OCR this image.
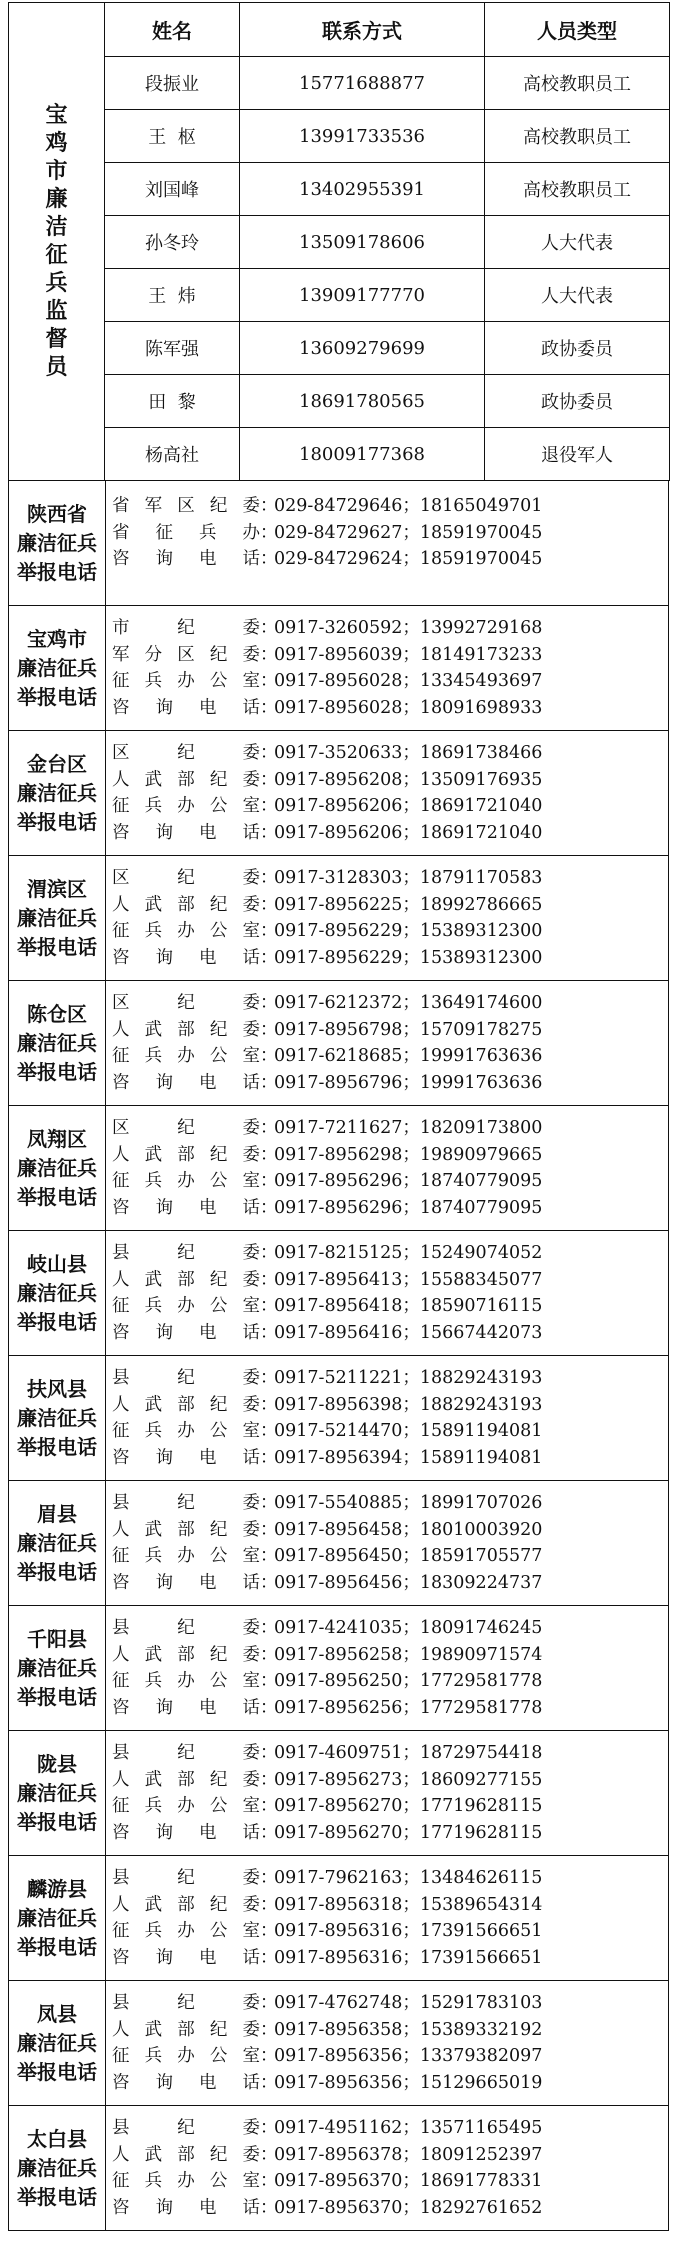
宝鸡市廉洁征兵监督员	姓名	联系方式	人员类型
	段振业	15771688877	高校教职员工
	王  枢	13991733536	高校教职员工
	刘国峰	13402955391	高校教职员工
	孙冬玲	13509178606	人大代表
	王  炜	13909177770	人大代表
	陈军强	13609279699	政协委员
	田  黎	18691780565	政协委员
	杨高社	18009177368	退役军人
陕西省
廉洁征兵
举报电话
省军区纪委 ：
029-84729646；18165049701
省征兵办 ：
029-84729627；18591970045
咨询电话 ：
029-84729624；18591970045
宝鸡市
廉洁征兵
举报电话
市纪委 ：
0917-3260592；13992729168
军分区纪委 ：
0917-8956039；18149173233
征兵办公室 ：
0917-8956028；13345493697
咨询电话 ：
0917-8956028；18091698933
金台区
廉洁征兵
举报电话
区纪委 ：
0917-3520633；18691738466
人武部纪委 ：
0917-8956208；13509176935
征兵办公室 ：
0917-8956206；18691721040
咨询电话 ：
0917-8956206；18691721040
渭滨区
廉洁征兵
举报电话
区纪委 ：
0917-3128303；18791170583
人武部纪委 ：
0917-8956225；18992786665
征兵办公室 ：
0917-8956229；15389312300
咨询电话 ：
0917-8956229；15389312300
陈仓区
廉洁征兵
举报电话
区纪委 ：
0917-6212372；13649174600
人武部纪委 ：
0917-8956798；15709178275
征兵办公室 ：
0917-6218685；19991763636
咨询电话 ：
0917-8956796；19991763636
凤翔区
廉洁征兵
举报电话
区纪委 ：
0917-7211627；18209173800
人武部纪委 ：
0917-8956298；19890979665
征兵办公室 ：
0917-8956296；18740779095
咨询电话 ：
0917-8956296；18740779095
岐山县
廉洁征兵
举报电话
县纪委 ：
0917-8215125；15249074052
人武部纪委 ：
0917-8956413；15588345077
征兵办公室 ：
0917-8956418；18590716115
咨询电话 ：
0917-8956416；15667442073
扶风县
廉洁征兵
举报电话
县纪委 ：
0917-5211221；18829243193
人武部纪委 ：
0917-8956398；18829243193
征兵办公室 ：
0917-5214470；15891194081
咨询电话 ：
0917-8956394；15891194081
眉县
廉洁征兵
举报电话
县纪委 ：
0917-5540885；18991707026
人武部纪委 ：
0917-8956458；18010003920
征兵办公室 ：
0917-8956450；18591705577
咨询电话 ：
0917-8956456；18309224737
千阳县
廉洁征兵
举报电话
县纪委 ：
0917-4241035；18091746245
人武部纪委 ：
0917-8956258；19890971574
征兵办公室 ：
0917-8956250；17729581778
咨询电话 ：
0917-8956256；17729581778
陇县
廉洁征兵
举报电话
县纪委 ：
0917-4609751；18729754418
人武部纪委 ：
0917-8956273；18609277155
征兵办公室 ：
0917-8956270；17719628115
咨询电话 ：
0917-8956270；17719628115
麟游县
廉洁征兵
举报电话
县纪委 ：
0917-7962163；13484626115
人武部纪委 ：
0917-8956318；15389654314
征兵办公室 ：
0917-8956316；17391566651
咨询电话 ：
0917-8956316；17391566651
凤县
廉洁征兵
举报电话
县纪委 ：
0917-4762748；15291783103
人武部纪委 ：
0917-8956358；15389332192
征兵办公室 ：
0917-8956356；13379382097
咨询电话 ：
0917-8956356；15129665019
太白县
廉洁征兵
举报电话
县纪委 ：
0917-4951162；13571165495
人武部纪委 ：
0917-8956378；18091252397
征兵办公室 ：
0917-8956370；18691778331
咨询电话 ：
0917-8956370；18292761652
